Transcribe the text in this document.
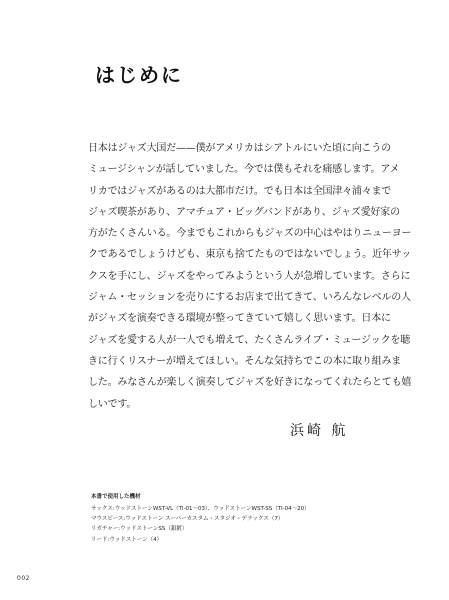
はじめに
日本はジャズ大国だ——僕がアメリカはシアトルにいた頃に向こうの
ミュージシャンが話していました。今では僕もそれを痛感します。アメ
リカではジャズがあるのは大都市だけ。でも日本は全国津々浦々まで
ジャズ喫茶があり、アマチュア・ビッグバンドがあり、ジャズ愛好家の
方がたくさんいる。今までもこれからもジャズの中心はやはりニューヨー
クであるでしょうけども、東京も捨てたものではないでしょう。近年サッ
クスを手にし、ジャズをやってみようという人が急増しています。さらに
ジャム・セッションを売りにするお店まで出てきて、いろんなレベルの人
がジャズを演奏できる環境が整ってきていて嬉しく思います。日本に
ジャズを愛する人が一人でも増えて、たくさんライブ・ミュージックを聴
きに行くリスナーが増えてほしい。そんな気持ちでこの本に取り組みま
した。みなさんが楽しく演奏してジャズを好きになってくれたらとても嬉
しいです。
浜崎 航
本書で使用した機材
サックス:ウッドストーンWST-VL（Tl-01～03）、ウッドストーンWST-SS（Tl-04～20）
マウスピース:ウッドストーン スーパーカスタム・スタジオ・デラックス（7）
リガチャー:ウッドストーンSS（銀鍍）
リード:ウッドストーン（4）
002
